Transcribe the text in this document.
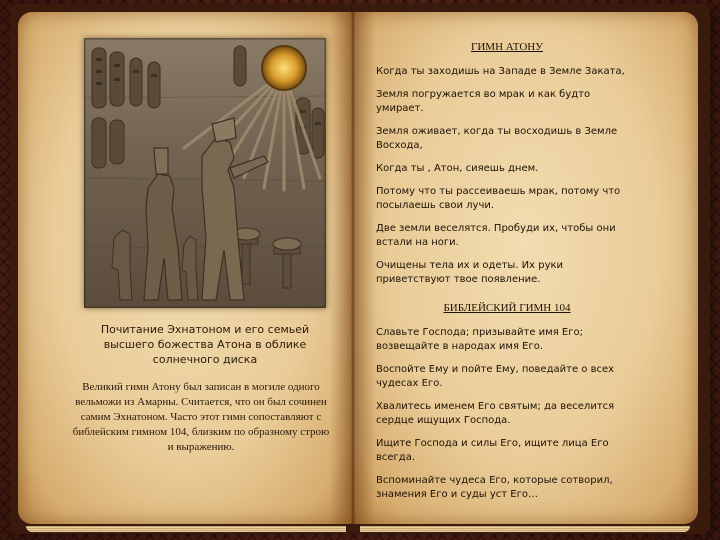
Почитание Эхнатоном и его семьей высшего божества Атона в облике солнечного диска
Великий гимн Атону был записан в могиле одного вельможи из Амарны. Считается, что он был сочинен самим Эхнатоном. Часто этот гимн сопоставляют с библейским гимном 104, близким по образному строю и выражению.
ГИМН АТОНУ

Когда ты заходишь на Западе в Земле Заката,

Земля погружается во мрак и как будто умирает.

Земля оживает, когда ты восходишь в Земле Восхода,

Когда ты , Атон, сияешь днем.

Потому что ты рассеиваешь мрак, потому что посылаешь свои лучи.

Две земли веселятся. Пробуди их, чтобы они встали на ноги.

Очищены тела их и одеты. Их руки приветствуют твое появление.

БИБЛЕЙСКИЙ ГИМН 104

Славьте Господа; призывайте имя Его; возвещайте в народах имя Его.

Воспойте Ему и пойте Ему, поведайте о всех чудесах Его.

Хвалитесь именем Его святым; да веселится сердце ищущих Господа.

Ищите Господа и силы Его, ищите лица Его всегда.

Вспоминайте чудеса Его, которые сотворил, знамения Его и суды уст Его…
